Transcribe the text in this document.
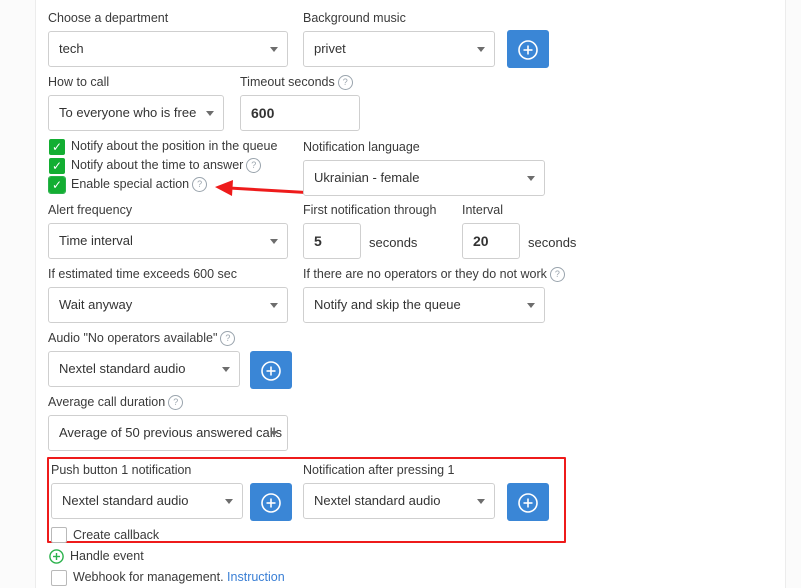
Choose a department
tech
Background music
privet
How to call
To everyone who is free
Timeout seconds ?
600
✓ Notify about the position in the queue
✓ Notify about the time to answer ?
✓ Enable special action ?
Notification language
Ukrainian - female
Alert frequency
Time interval
First notification through
5	seconds
Interval
20	seconds
If estimated time exceeds 600 sec
Wait anyway
If there are no operators or they do not work ?
Notify and skip the queue
Audio "No operators available" ?
Nextel standard audio
Average call duration ?
Average of 50 previous answered calls
Push button 1 notification
Nextel standard audio
Notification after pressing 1
Nextel standard audio
Create callback
Handle event
Webhook for management. Instruction
